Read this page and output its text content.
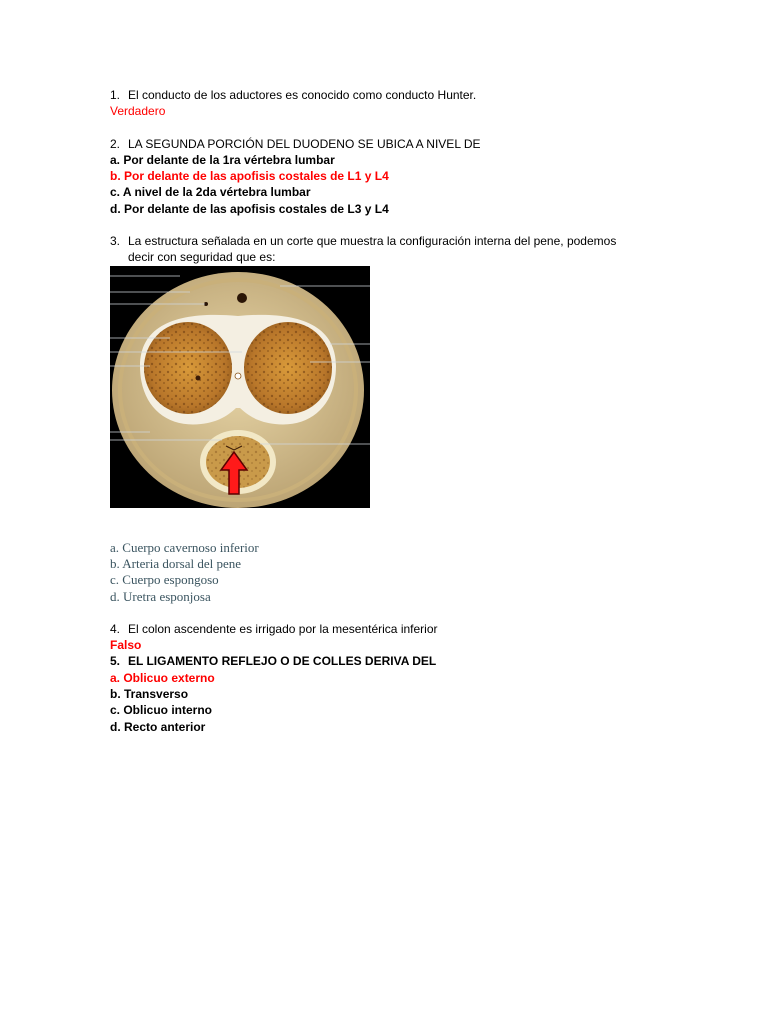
1. El conducto de los aductores es conocido como conducto Hunter.
Verdadero
2. LA SEGUNDA PORCIÓN DEL DUODENO SE UBICA A NIVEL DE
a. Por delante de la 1ra vértebra lumbar
b. Por delante de las apofisis costales de L1 y L4
c. A nivel de la 2da vértebra lumbar
d. Por delante de las apofisis costales de L3 y L4
3. La estructura señalada en un corte que muestra la configuración interna del pene, podemos
decir con seguridad que es:
a. Cuerpo cavernoso inferior
b. Arteria dorsal del pene
c. Cuerpo espongoso
d. Uretra esponjosa
4. El colon ascendente es irrigado por la mesentérica inferior
Falso
5. EL LIGAMENTO REFLEJO O DE COLLES DERIVA DEL
a. Oblicuo externo
b. Transverso
c. Oblicuo interno
d. Recto anterior
